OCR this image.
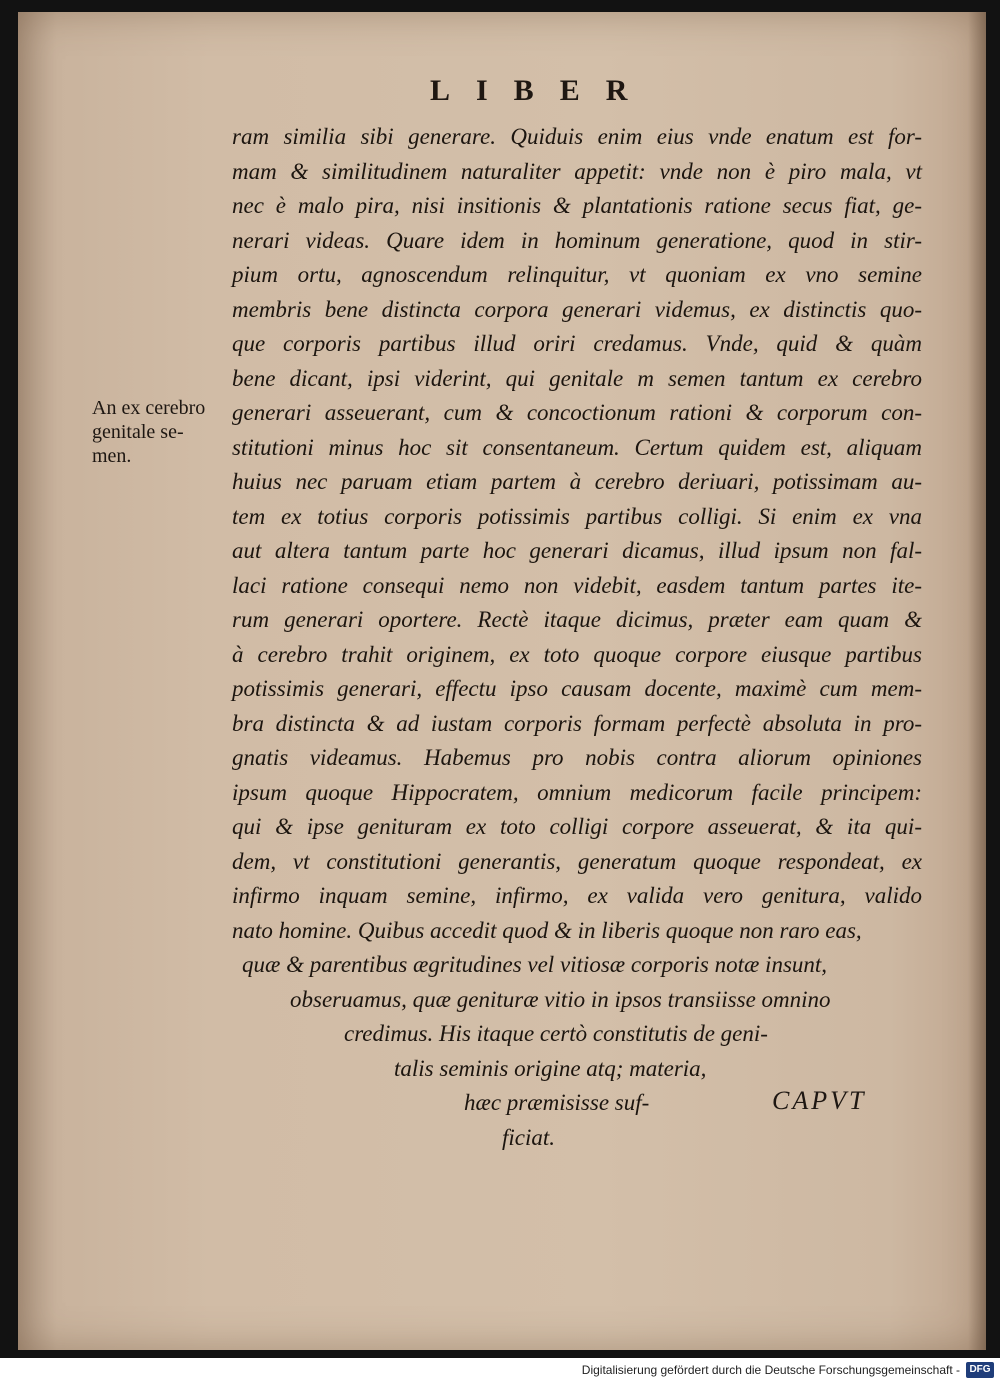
LIBER
An ex cerebro
genitale se-
men.
ram similia sibi generare. Quiduis enim eius vnde enatum est for-
mam & similitudinem naturaliter appetit: vnde non è piro mala, vt
nec è malo pira, nisi insitionis & plantationis ratione secus fiat, ge-
nerari videas. Quare idem in hominum generatione, quod in stir-
pium ortu, agnoscendum relinquitur, vt quoniam ex vno semine
membris bene distincta corpora generari videmus, ex distinctis quo-
que corporis partibus illud oriri credamus. Vnde, quid & quàm
bene dicant, ipsi viderint, qui genitale m semen tantum ex cerebro
generari asseuerant, cum & concoctionum rationi & corporum con-
stitutioni minus hoc sit consentaneum. Certum quidem est, aliquam
huius nec paruam etiam partem à cerebro deriuari, potissimam au-
tem ex totius corporis potissimis partibus colligi. Si enim ex vna
aut altera tantum parte hoc generari dicamus, illud ipsum non fal-
laci ratione consequi nemo non videbit, easdem tantum partes ite-
rum generari oportere. Rectè itaque dicimus, præter eam quam &
à cerebro trahit originem, ex toto quoque corpore eiusque partibus
potissimis generari, effectu ipso causam docente, maximè cum mem-
bra distincta & ad iustam corporis formam perfectè absoluta in pro-
gnatis videamus. Habemus pro nobis contra aliorum opiniones
ipsum quoque Hippocratem, omnium medicorum facile principem:
qui & ipse genituram ex toto colligi corpore asseuerat, & ita qui-
dem, vt constitutioni generantis, generatum quoque respondeat, ex
infirmo inquam semine, infirmo, ex valida vero genitura, valido
nato homine. Quibus accedit quod & in liberis quoque non raro eas,
quæ & parentibus ægritudines vel vitiosæ corporis notæ insunt,
obseruamus, quæ genituræ vitio in ipsos transiisse omnino
credimus. His itaque certò constitutis de geni-
talis seminis origine atq; materia,
hæc præmisisse suf-
ficiat.
CAPVT
Digitalisierung gefördert durch die Deutsche Forschungsgemeinschaft - DFG
